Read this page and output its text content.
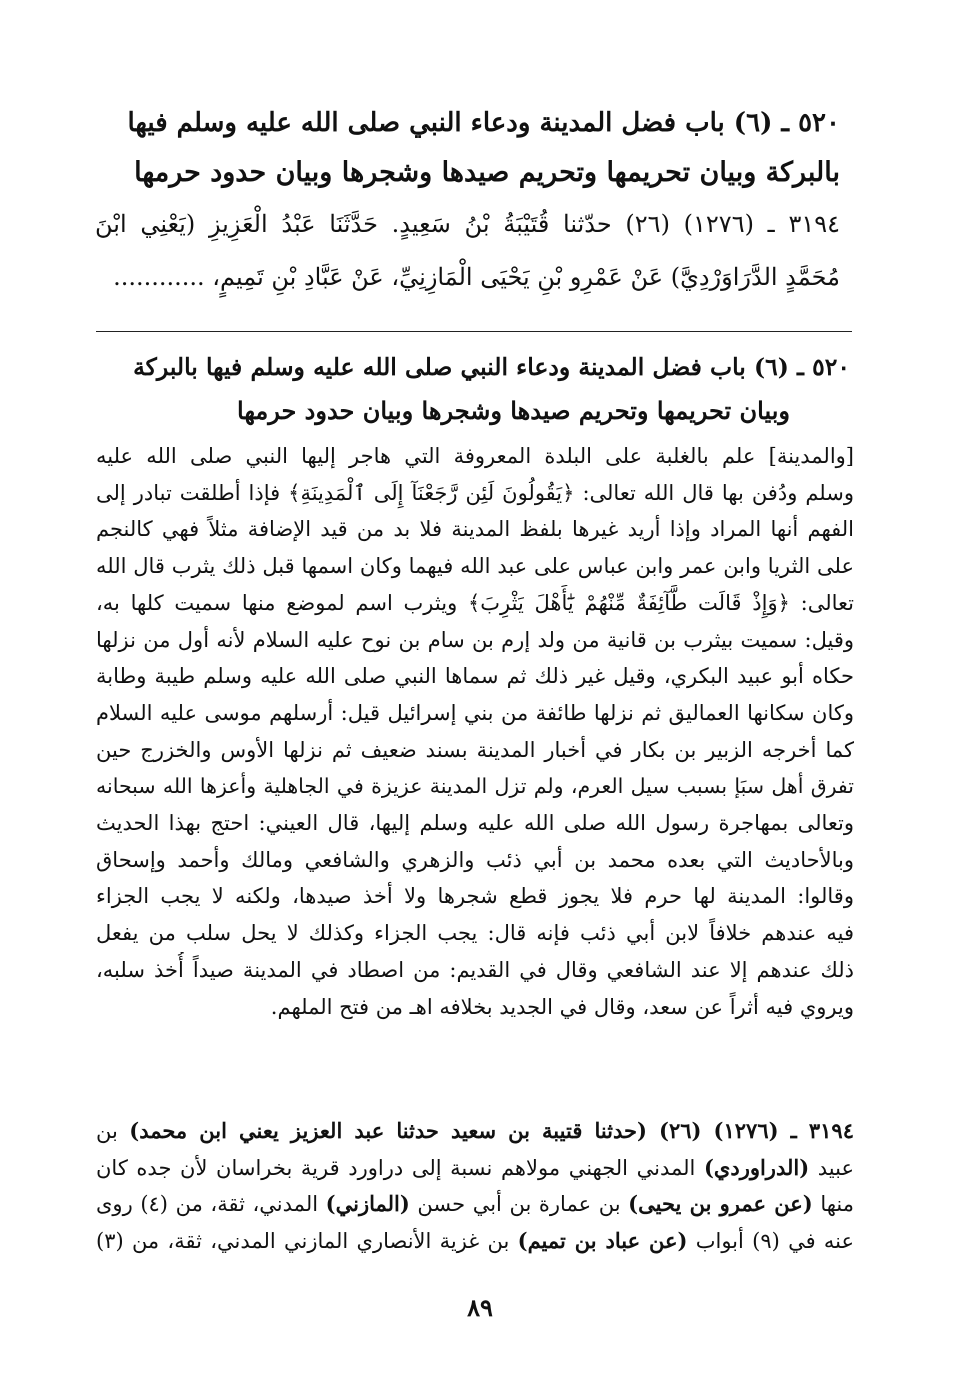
٥٢٠ ـ (٦) باب فضل المدينة ودعاء النبي صلى الله عليه وسلم فيها
بالبركة وبيان تحريمها وتحريم صيدها وشجرها وبيان حدود حرمها
٣١٩٤ ـ (١٢٧٦) (٢٦) حدّثنا قُتَيْبَةُ بْنُ سَعِيدٍ. حَدَّثَنَا عَبْدُ الْعَزِيزِ (يَعْنِي ابْنَ
مُحَمَّدٍ الدَّرَاوَرْدِيَّ) عَنْ عَمْرِو بْنِ يَحْيَى الْمَازِنِيِّ، عَنْ عَبَّادِ بْنِ تَمِيمٍ، ............
٥٢٠ ـ (٦) باب فضل المدينة ودعاء النبي صلى الله عليه وسلم فيها بالبركة
وبيان تحريمها وتحريم صيدها وشجرها وبيان حدود حرمها
[والمدينة] علم بالغلبة على البلدة المعروفة التي هاجر إليها النبي صلى الله عليه
وسلم ودُفن بها قال الله تعالى: ﴿يَقُولُونَ لَئِن رَّجَعْنَآ إِلَى ٱلْمَدِينَةِ﴾ فإذا أطلقت تبادر إلى
الفهم أنها المراد وإذا أريد غيرها بلفظ المدينة فلا بد من قيد الإضافة مثلاً فهي كالنجم
على الثريا وابن عمر وابن عباس على عبد الله فيهما وكان اسمها قبل ذلك يثرب قال الله
تعالى: ﴿وَإِذْ قَالَت طَّآئِفَةٌ مِّنْهُمْ يَٰٓأَهْلَ يَثْرِبَ﴾ ويثرب اسم لموضع منها سميت كلها به،
وقيل: سميت بيثرب بن قانية من ولد إرم بن سام بن نوح عليه السلام لأنه أول من نزلها
حكاه أبو عبيد البكري، وقيل غير ذلك ثم سماها النبي صلى الله عليه وسلم طيبة وطابة
وكان سكانها العماليق ثم نزلها طائفة من بني إسرائيل قيل: أرسلهم موسى عليه السلام
كما أخرجه الزبير بن بكار في أخبار المدينة بسند ضعيف ثم نزلها الأوس والخزرج حين
تفرق أهل سبَإ بسبب سيل العرم، ولم تزل المدينة عزيزة في الجاهلية وأعزها الله سبحانه
وتعالى بمهاجرة رسول الله صلى الله عليه وسلم إليها، قال العيني: احتج بهذا الحديث
وبالأحاديث التي بعده محمد بن أبي ذئب والزهري والشافعي ومالك وأحمد وإسحاق
وقالوا: المدينة لها حرم فلا يجوز قطع شجرها ولا أخذ صيدها، ولكنه لا يجب الجزاء
فيه عندهم خلافاً لابن أبي ذئب فإنه قال: يجب الجزاء وكذلك لا يحل سلب من يفعل
ذلك عندهم إلا عند الشافعي وقال في القديم: من اصطاد في المدينة صيداً أُخذ سلبه،
ويروي فيه أثراً عن سعد، وقال في الجديد بخلافه اهـ من فتح الملهم.
٣١٩٤ ـ (١٢٧٦) (٢٦) (حدثنا قتيبة بن سعيد حدثنا عبد العزيز يعني ابن محمد) بن
عبيد (الدراوردي) المدني الجهني مولاهم نسبة إلى دراورد قرية بخراسان لأن جده كان
منها (عن عمرو بن يحيى) بن عمارة بن أبي حسن (المازني) المدني، ثقة، من (٤) روى
عنه في (٩) أبواب (عن عباد بن تميم) بن غزية الأنصاري المازني المدني، ثقة، من (٣)
٨٩
